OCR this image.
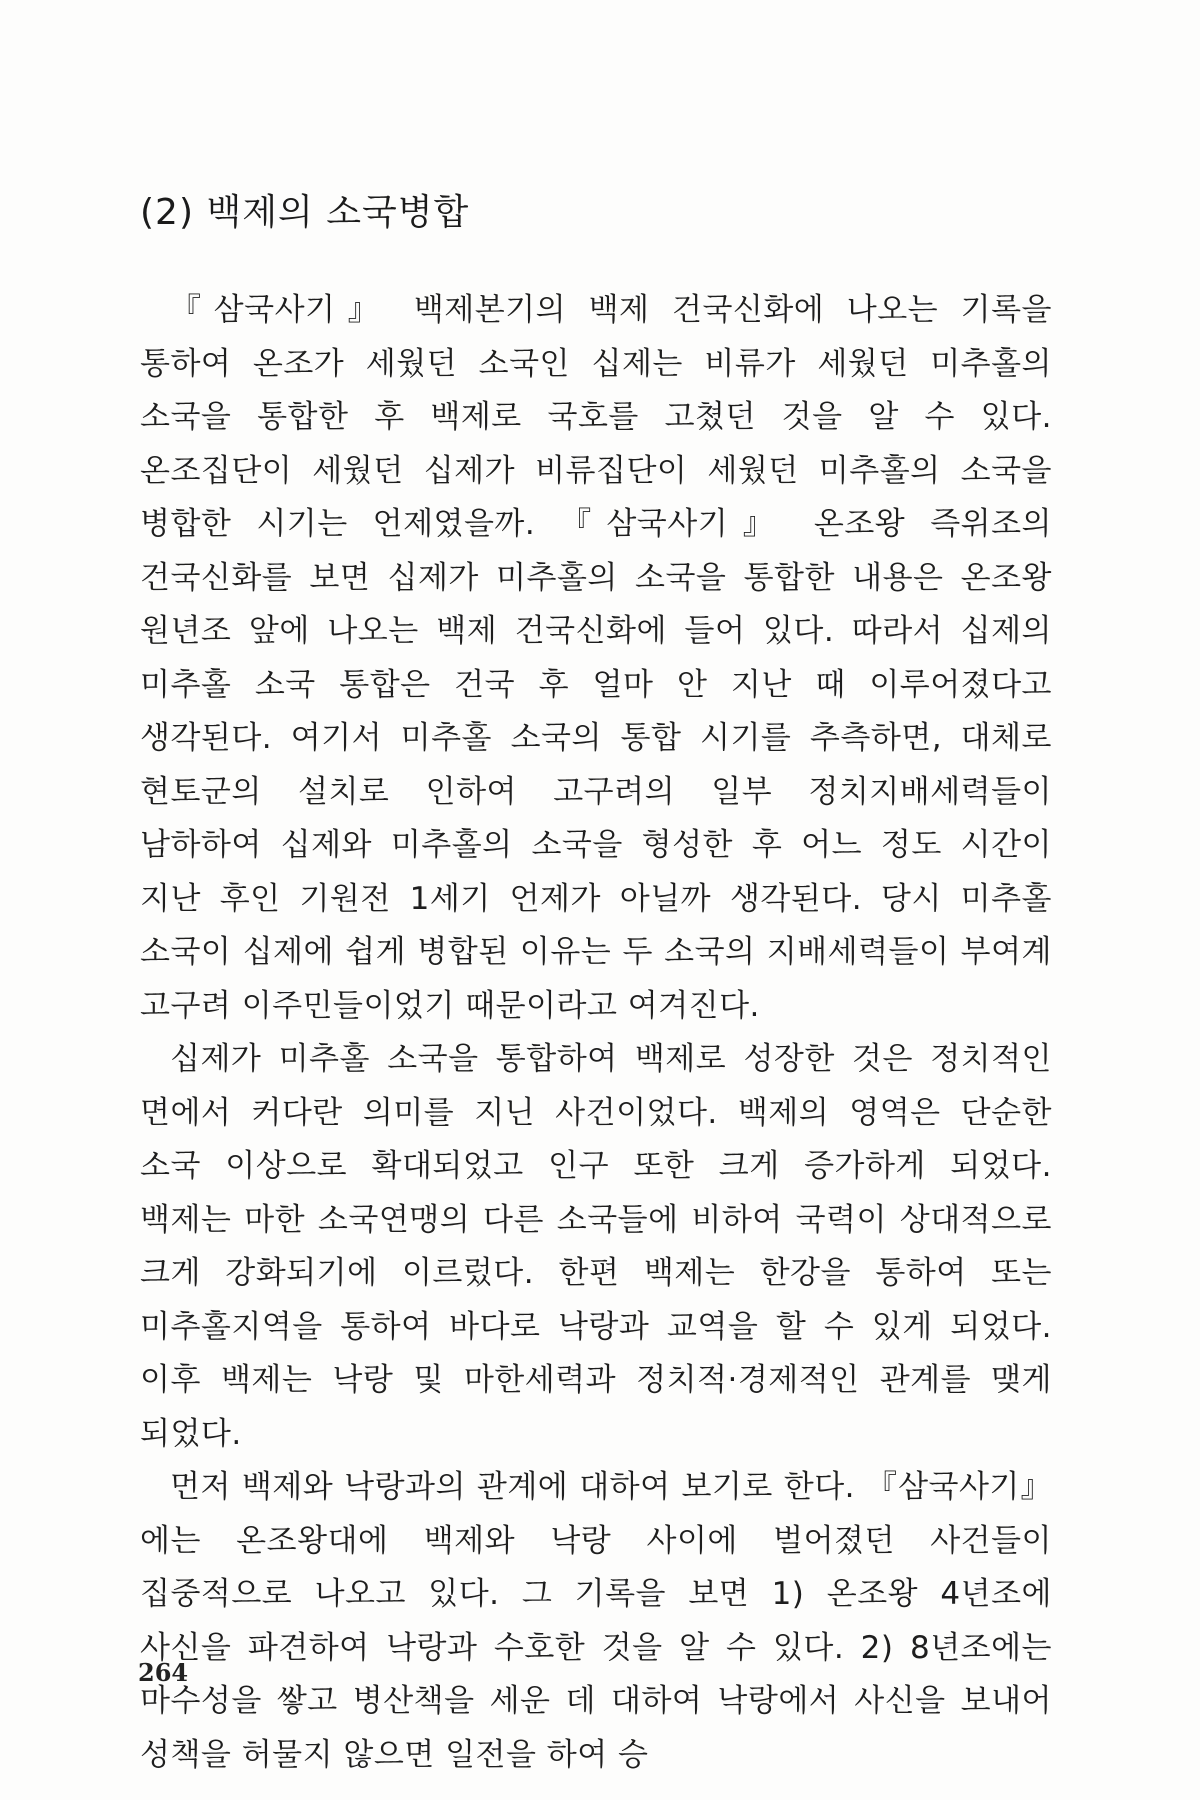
(2) 백제의 소국병합

『삼국사기』 백제본기의 백제 건국신화에 나오는 기록을 통하여 온조가 세웠던 소국인 십제는 비류가 세웠던 미추홀의 소국을 통합한 후 백제로 국호를 고쳤던 것을 알 수 있다. 온조집단이 세웠던 십제가 비류집단이 세웠던 미추홀의 소국을 병합한 시기는 언제였을까. 『삼국사기』 온조왕 즉위조의 건국신화를 보면 십제가 미추홀의 소국을 통합한 내용은 온조왕 원년조 앞에 나오는 백제 건국신화에 들어 있다. 따라서 십제의 미추홀 소국 통합은 건국 후 얼마 안 지난 때 이루어졌다고 생각된다. 여기서 미추홀 소국의 통합 시기를 추측하면, 대체로 현토군의 설치로 인하여 고구려의 일부 정치지배세력들이 남하하여 십제와 미추홀의 소국을 형성한 후 어느 정도 시간이 지난 후인 기원전 1세기 언제가 아닐까 생각된다. 당시 미추홀 소국이 십제에 쉽게 병합된 이유는 두 소국의 지배세력들이 부여계 고구려 이주민들이었기 때문이라고 여겨진다.

십제가 미추홀 소국을 통합하여 백제로 성장한 것은 정치적인 면에서 커다란 의미를 지닌 사건이었다. 백제의 영역은 단순한 소국 이상으로 확대되었고 인구 또한 크게 증가하게 되었다. 백제는 마한 소국연맹의 다른 소국들에 비하여 국력이 상대적으로 크게 강화되기에 이르렀다. 한편 백제는 한강을 통하여 또는 미추홀지역을 통하여 바다로 낙랑과 교역을 할 수 있게 되었다. 이후 백제는 낙랑 및 마한세력과 정치적·경제적인 관계를 맺게 되었다.

먼저 백제와 낙랑과의 관계에 대하여 보기로 한다. 『삼국사기』에는 온조왕대에 백제와 낙랑 사이에 벌어졌던 사건들이 집중적으로 나오고 있다. 그 기록을 보면 1) 온조왕 4년조에 사신을 파견하여 낙랑과 수호한 것을 알 수 있다. 2) 8년조에는 마수성을 쌓고 병산책을 세운 데 대하여 낙랑에서 사신을 보내어 성책을 허물지 않으면 일전을 하여 승

264
